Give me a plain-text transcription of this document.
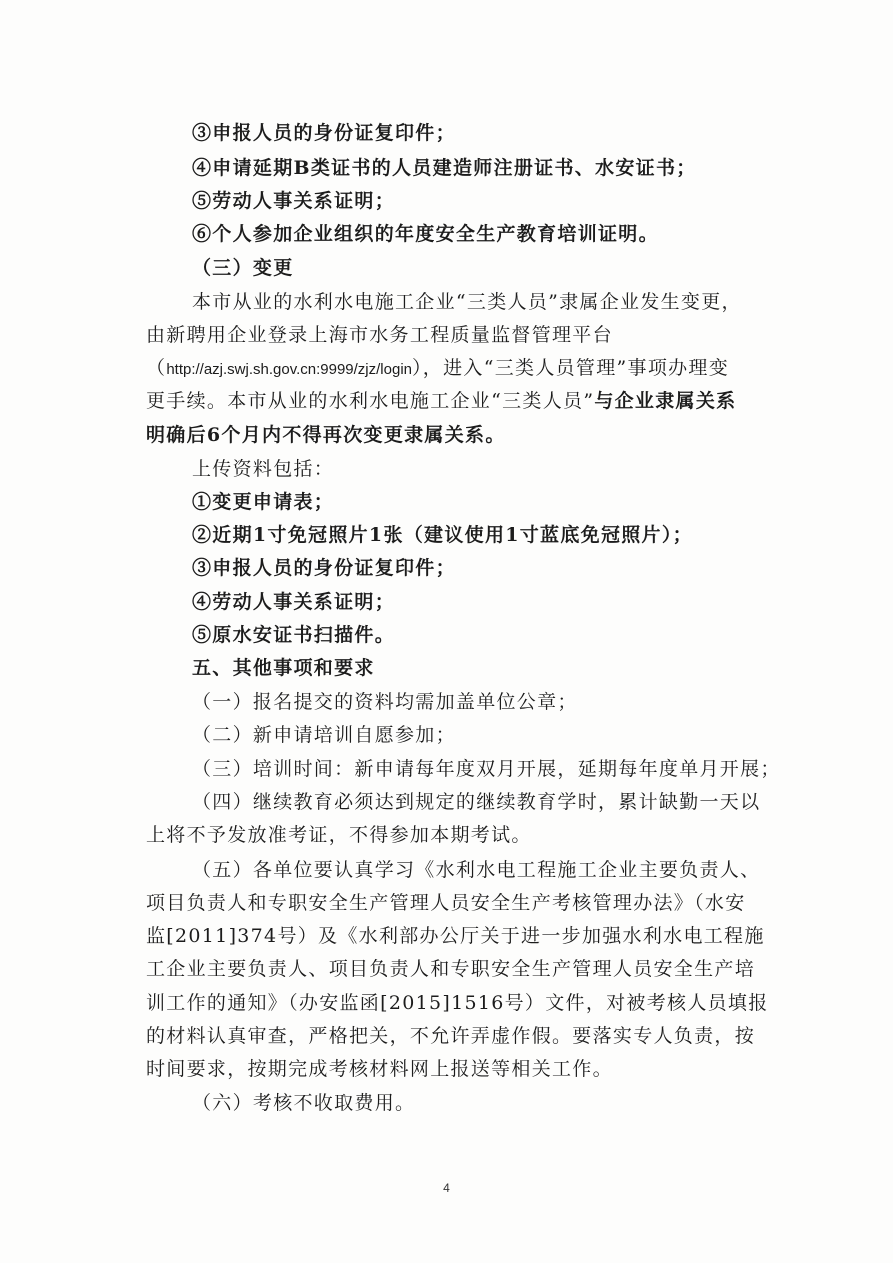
③申报人员的身份证复印件；
④申请延期B类证书的人员建造师注册证书、水安证书；
⑤劳动人事关系证明；
⑥个人参加企业组织的年度安全生产教育培训证明。
（三）变更
本市从业的水利水电施工企业“三类人员”隶属企业发生变更，
由新聘用企业登录上海市水务工程质量监督管理平台
（http://azj.swj.sh.gov.cn:9999/zjz/login），进入“三类人员管理”事项办理变
更手续。本市从业的水利水电施工企业“三类人员”与企业隶属关系
明确后6个月内不得再次变更隶属关系。
上传资料包括：
①变更申请表；
②近期1寸免冠照片1张（建议使用1寸蓝底免冠照片）；
③申报人员的身份证复印件；
④劳动人事关系证明；
⑤原水安证书扫描件。
五、其他事项和要求
（一）报名提交的资料均需加盖单位公章；
（二）新申请培训自愿参加；
（三）培训时间：新申请每年度双月开展，延期每年度单月开展；
（四）继续教育必须达到规定的继续教育学时，累计缺勤一天以
上将不予发放准考证，不得参加本期考试。
（五）各单位要认真学习《水利水电工程施工企业主要负责人、
项目负责人和专职安全生产管理人员安全生产考核管理办法》（水安
监[2011]374号）及《水利部办公厅关于进一步加强水利水电工程施
工企业主要负责人、项目负责人和专职安全生产管理人员安全生产培
训工作的通知》（办安监函[2015]1516号）文件，对被考核人员填报
的材料认真审查，严格把关，不允许弄虚作假。要落实专人负责，按
时间要求，按期完成考核材料网上报送等相关工作。
（六）考核不收取费用。
4
